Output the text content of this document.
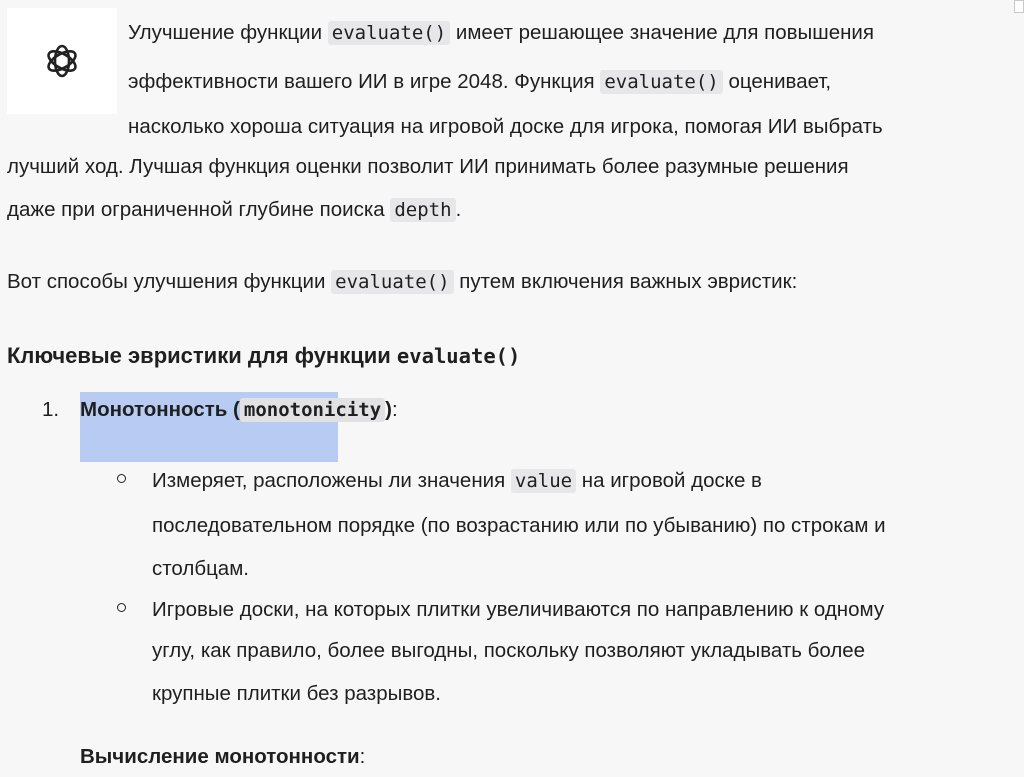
Улучшение функции evaluate() имеет решающее значение для повышения
эффективности вашего ИИ в игре 2048. Функция evaluate() оценивает,
насколько хороша ситуация на игровой доске для игрока, помогая ИИ выбрать
лучший ход. Лучшая функция оценки позволит ИИ принимать более разумные решения
даже при ограниченной глубине поиска depth .
Вот способы улучшения функции evaluate() путем включения важных эвристик:
Ключевые эвристики для функции evaluate()
1. Монотонность ( monotonicity ):
Измеряет, расположены ли значения value на игровой доске в
последовательном порядке (по возрастанию или по убыванию) по строкам и
столбцам.
Игровые доски, на которых плитки увеличиваются по направлению к одному
углу, как правило, более выгодны, поскольку позволяют укладывать более
крупные плитки без разрывов.
Вычисление монотонности:
